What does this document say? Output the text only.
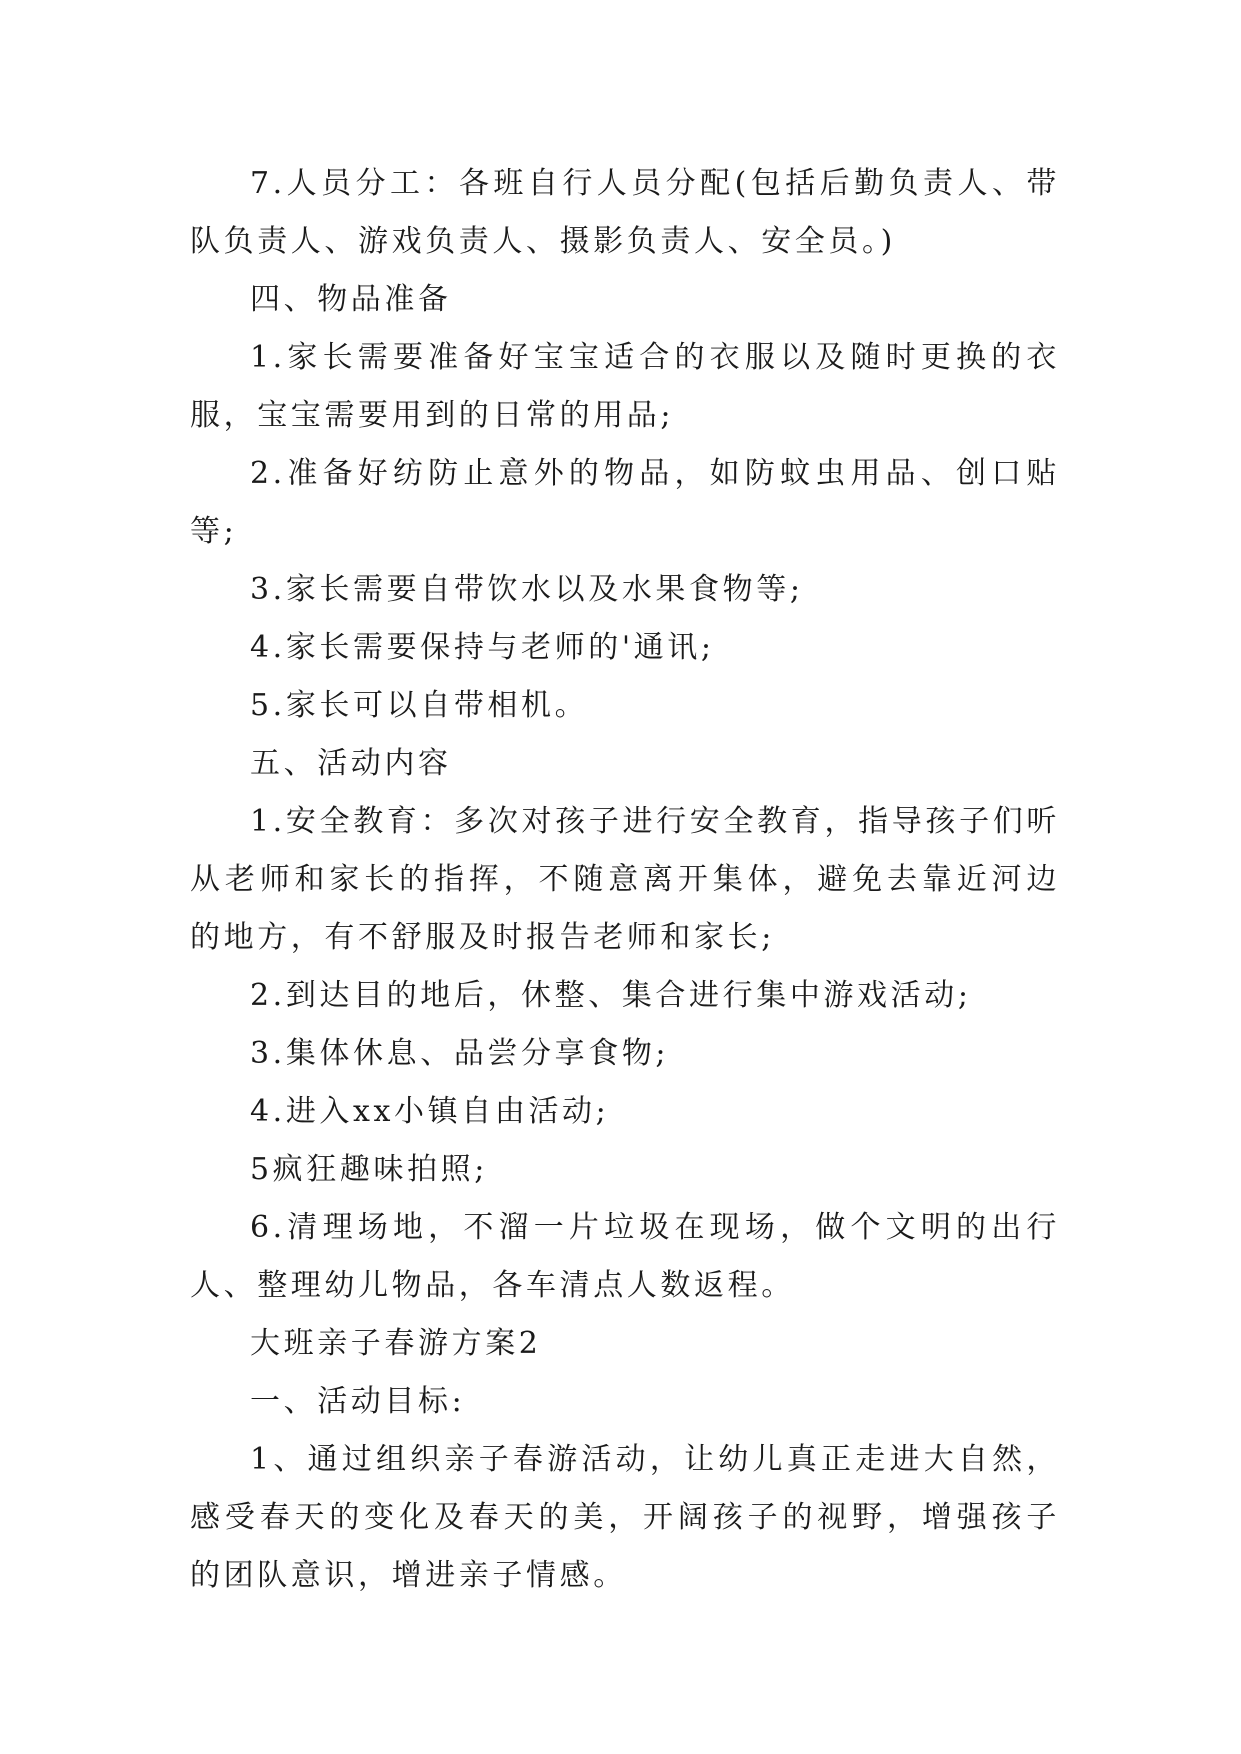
7.人员分工：各班自行人员分配(包括后勤负责人、带队负责人、游戏负责人、摄影负责人、安全员。)

四、物品准备

1.家长需要准备好宝宝适合的衣服以及随时更换的衣服，宝宝需要用到的日常的用品;

2.准备好纺防止意外的物品，如防蚊虫用品、创口贴等;

3.家长需要自带饮水以及水果食物等;

4.家长需要保持与老师的'通讯;

5.家长可以自带相机。

五、活动内容

1.安全教育：多次对孩子进行安全教育，指导孩子们听从老师和家长的指挥，不随意离开集体，避免去靠近河边的地方，有不舒服及时报告老师和家长;

2.到达目的地后，休整、集合进行集中游戏活动;

3.集体休息、品尝分享食物;

4.进入xx小镇自由活动;

5疯狂趣味拍照;

6.清理场地，不溜一片垃圾在现场，做个文明的出行人、整理幼儿物品，各车清点人数返程。

大班亲子春游方案2

一、活动目标:

1、通过组织亲子春游活动，让幼儿真正走进大自然，感受春天的变化及春天的美，开阔孩子的视野，增强孩子的团队意识，增进亲子情感。
